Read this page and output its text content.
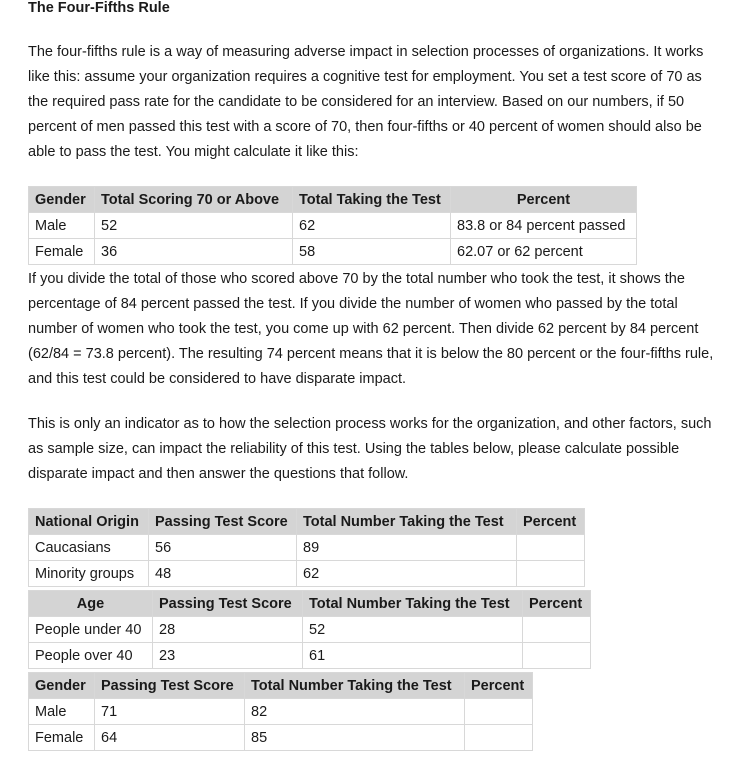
The Four-Fifths Rule

The four-fifths rule is a way of measuring adverse impact in selection processes of organizations. It works like this: assume your organization requires a cognitive test for employment. You set a test score of 70 as the required pass rate for the candidate to be considered for an interview. Based on our numbers, if 50 percent of men passed this test with a score of 70, then four-fifths or 40 percent of women should also be able to pass the test. You might calculate it like this:

Gender	Total Scoring 70 or Above	Total Taking the Test	Percent
Male	52	62	83.8 or 84 percent passed
Female	36	58	62.07 or 62 percent

If you divide the total of those who scored above 70 by the total number who took the test, it shows the percentage of 84 percent passed the test. If you divide the number of women who passed by the total number of women who took the test, you come up with 62 percent. Then divide 62 percent by 84 percent (62/84 = 73.8 percent). The resulting 74 percent means that it is below the 80 percent or the four-fifths rule, and this test could be considered to have disparate impact.

This is only an indicator as to how the selection process works for the organization, and other factors, such as sample size, can impact the reliability of this test. Using the tables below, please calculate possible disparate impact and then answer the questions that follow.

National Origin	Passing Test Score	Total Number Taking the Test	Percent
Caucasians	56	89	
Minority groups	48	62	
Age	Passing Test Score	Total Number Taking the Test	Percent
People under 40	28	52	
People over 40	23	61	
Gender	Passing Test Score	Total Number Taking the Test	Percent
Male	71	82	
Female	64	85	
